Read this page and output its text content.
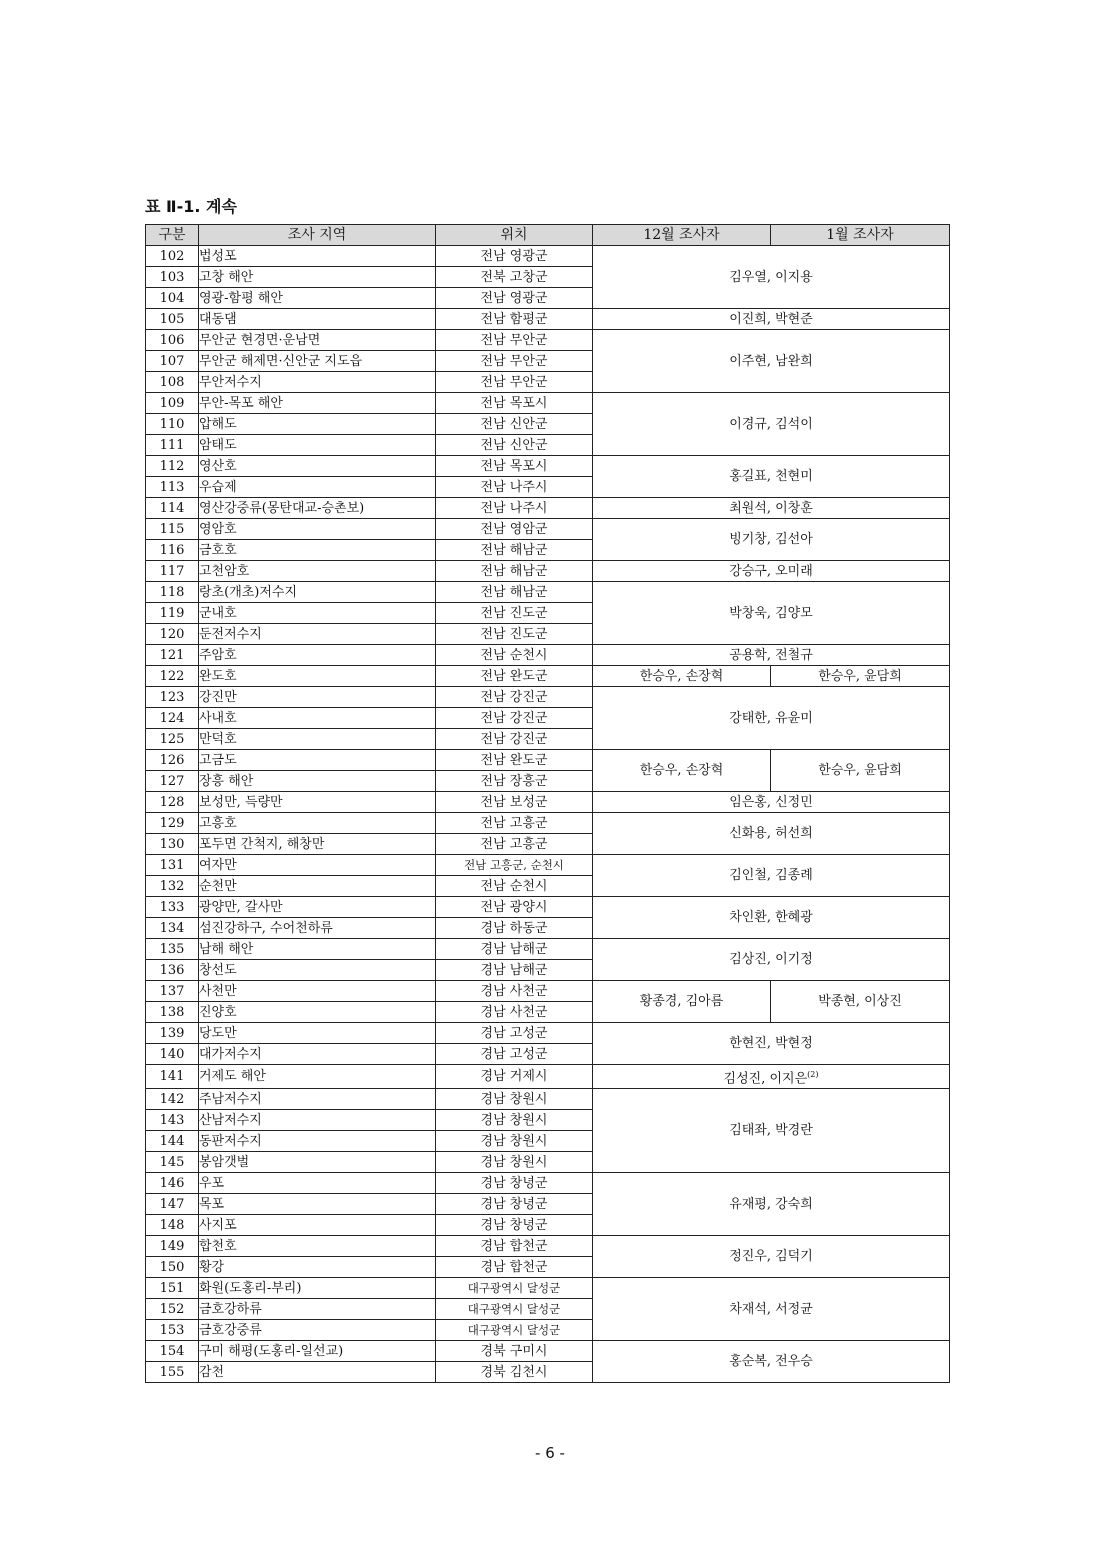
표 Ⅱ-1. 계속
구분	조사 지역	위치	12월 조사자	1월 조사자
102	법성포	전남 영광군	김우열, 이지용	
103	고창 해안	전북 고창군		
104	영광-함평 해안	전남 영광군		
105	대동댐	전남 함평군	이진희, 박현준	
106	무안군 현경면·운남면	전남 무안군	이주현, 남완희	
107	무안군 해제면·신안군 지도읍	전남 무안군		
108	무안저수지	전남 무안군		
109	무안-목포 해안	전남 목포시	이경규, 김석이	
110	압해도	전남 신안군		
111	암태도	전남 신안군		
112	영산호	전남 목포시	홍길표, 천현미	
113	우습제	전남 나주시		
114	영산강중류(몽탄대교-승촌보)	전남 나주시	최원석, 이창훈	
115	영암호	전남 영암군	빙기창, 김선아	
116	금호호	전남 해남군		
117	고천암호	전남 해남군	강승구, 오미래	
118	랑초(개초)저수지	전남 해남군	박창욱, 김양모	
119	군내호	전남 진도군		
120	둔전저수지	전남 진도군		
121	주암호	전남 순천시	공용학, 전철규	
122	완도호	전남 완도군	한승우, 손장혁	한승우, 윤담희
123	강진만	전남 강진군	강태한, 유윤미	
124	사내호	전남 강진군		
125	만덕호	전남 강진군		
126	고금도	전남 완도군	한승우, 손장혁	한승우, 윤담희
127	장흥 해안	전남 장흥군		
128	보성만, 득량만	전남 보성군	임은홍, 신정민	
129	고흥호	전남 고흥군	신화용, 허선희	
130	포두면 간척지, 해창만	전남 고흥군		
131	여자만	전남 고흥군, 순천시	김인철, 김종례	
132	순천만	전남 순천시		
133	광양만, 갈사만	전남 광양시	차인환, 한혜광	
134	섬진강하구, 수어천하류	경남 하동군		
135	남해 해안	경남 남해군	김상진, 이기정	
136	창선도	경남 남해군		
137	사천만	경남 사천군	황종경, 김아름	박종현, 이상진
138	진양호	경남 사천군		
139	당도만	경남 고성군	한현진, 박현정	
140	대가저수지	경남 고성군		
141	거제도 해안	경남 거제시	김성진, 이지은$^{(2)}$
142	주남저수지	경남 창원시	김태좌, 박경란	
143	산남저수지	경남 창원시		
144	동판저수지	경남 창원시		
145	봉암갯벌	경남 창원시		
146	우포	경남 창녕군	유재평, 강숙희	
147	목포	경남 창녕군		
148	사지포	경남 창녕군		
149	합천호	경남 합천군	정진우, 김덕기	
150	황강	경남 합천군		
151	화원(도홍리-부리)	대구광역시 달성군	차재석, 서정균	
152	금호강하류	대구광역시 달성군		
153	금호강중류	대구광역시 달성군		
154	구미 해평(도홍리-일선교)	경북 구미시	홍순복, 전우승	
155	감천	경북 김천시		
- 6 -
